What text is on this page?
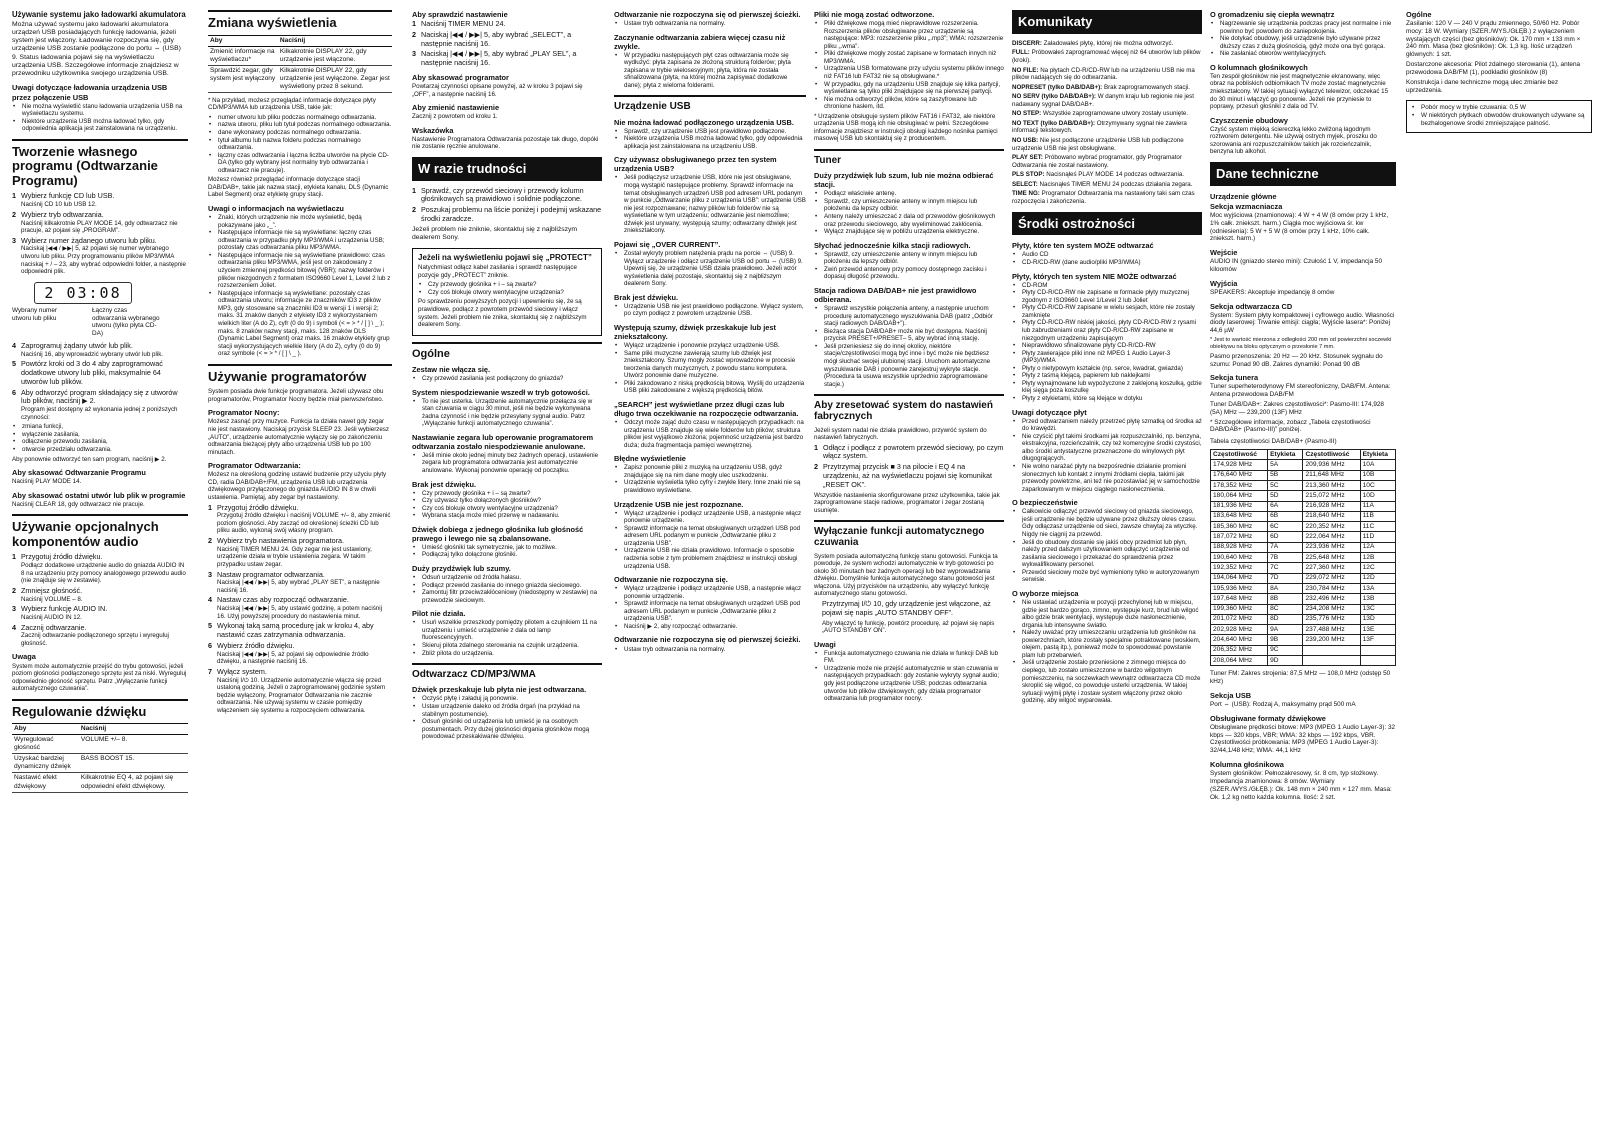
Używanie systemu jako ładowarki akumulatora

Można używać systemu jako ładowarki akumulatora urządzeń USB posiadających funkcję ładowania, jeżeli system jest włączony. Ładowanie rozpoczyna się, gdy urządzenie USB zostanie podłączone do portu ⇔ (USB) 9. Status ładowania pojawi się na wyświetlaczu urządzenia USB. Szczegółowe informacje znajdziesz w przewodniku użytkownika swojego urządzenia USB.

Uwagi dotyczące ładowania urządzenia USB przez połączenie USB
• Nie można wyświetlić stanu ładowania urządzenia USB na wyświetlaczu systemu.
• Niektóre urządzenia USB można ładować tylko, gdy odpowiednia aplikacja jest zainstalowana na urządzeniu.
Tworzenie własnego programu (Odtwarzanie Programu)
1 Wybierz funkcję CD lub USB.
Naciśnij CD 10 lub USB 12.
2 Wybierz tryb odtwarzania.
Naciśnij kilkakrotnie PLAY MODE 14, gdy odtwarzacz nie pracuje, aż pojawi się „PROGRAM”.
3 Wybierz numer żądanego utworu lub pliku.
Naciskaj |◀◀ / ▶▶| 5, aż pojawi się numer wybranego utworu lub pliku. Przy programowaniu plików MP3/WMA naciskaj + / – 23, aby wybrać odpowiedni folder, a następnie odpowiedni plik.
2 03:08
Wybrany numer utworu lub pliku
Łączny czas odtwarzania wybranego utworu (tylko płyta CD-DA)
4 Zaprogramuj żądany utwór lub plik.
Naciśnij 16, aby wprowadzić wybrany utwór lub plik.
5 Powtórz kroki od 3 do 4 aby zaprogramować dodatkowe utwory lub pliki, maksymalnie 64 utworów lub plików.
6 Aby odtworzyć program składający się z utworów lub plików, naciśnij ▶ 2.
Program jest dostępny aż wykonania jednej z poniższych czynności:
• zmiana funkcji,
• wyłączenie zasilania,
• odłączenie przewodu zasilania,
• otwarcie przedziału odtwarzania.

Aby ponownie odtworzyć ten sam program, naciśnij ▶ 2.

Aby skasować Odtwarzanie Programu

Naciśnij PLAY MODE 14.

Aby skasować ostatni utwór lub plik w programie

Naciśnij CLEAR 18, gdy odtwarzacz nie pracuje.

Używanie opcjonalnych komponentów audio
1 Przygotuj źródło dźwięku.
Podłącz dodatkowe urządzenie audio do gniazda AUDIO IN 8 na urządzeniu przy pomocy analogowego przewodu audio (nie znajduje się w zestawie).
2 Zmniejsz głośność.
Naciśnij VOLUME – 8.
3 Wybierz funkcję AUDIO IN.
Naciśnij AUDIO IN 12.
4 Zacznij odtwarzanie.
Zacznij odtwarzanie podłączonego sprzętu i wyreguluj głośność.
Uwaga

System może automatycznie przejść do trybu gotowości, jeżeli poziom głośności podłączonego sprzętu jest za niski. Wyreguluj odpowiednio głośność sprzętu. Patrz „Wyłączanie funkcji automatycznego czuwania”.

Regulowanie dźwięku
Aby	Naciśnij
Wyregulować głośność	VOLUME +/– 8.
Uzyskać bardziej dynamiczny dźwięk	BASS BOOST 15.
Nastawić efekt dźwiękowy	Kilkakrotnie EQ 4, aż pojawi się odpowiedni efekt dźwiękowy.
Zmiana wyświetlenia
Aby	Naciśnij
Zmienić informacje na wyświetlaczu*	Kilkakrotnie DISPLAY 22, gdy urządzenie jest włączone.
Sprawdzić zegar, gdy system jest wyłączony	Kilkakrotnie DISPLAY 22, gdy urządzenie jest wyłączone. Zegar jest wyświetlony przez 8 sekund.

* Na przykład, możesz przeglądać informacje dotyczące płyty CD/MP3/WMA lub urządzenia USB, takie jak:

• numer utworu lub pliku podczas normalnego odtwarzania.
• nazwa utworu, pliku lub tytuł podczas normalnego odtwarzania.
• dane wykonawcy podczas normalnego odtwarzania.
• tytuł albumu lub nazwa folderu podczas normalnego odtwarzania.
• łączny czas odtwarzania i łączna liczba utworów na płycie CD-DA (tylko gdy wybrany jest normalny tryb odtwarzania i odtwarzacz nie pracuje).

Możesz również przeglądać informacje dotyczące stacji DAB/DAB+, takie jak nazwa stacji, etykieta kanału, DLS (Dynamic Label Segment) oraz etykietę grupy stacji.

Uwagi o informacjach na wyświetlaczu
• Znaki, których urządzenie nie może wyświetlić, będą pokazywane jako „_”.
• Następujące informacje nie są wyświetlane: łączny czas odtwarzania w przypadku płyty MP3/WMA i urządzenia USB; pozostały czas odtwarzania pliku MP3/WMA.
• Następujące informacje nie są wyświetlane prawidłowo: czas odtwarzania pliku MP3/WMA, jeśli jest on zakodowany z użyciem zmiennej prędkości bitowej (VBR); nazwy folderów i plików niezgodnych z formatem ISO9660 Level 1, Level 2 lub z rozszerzeniem Joliet.
• Następujące informacje są wyświetlane: pozostały czas odtwarzania utworu; informacje ze znaczników ID3 z plików MP3, gdy stosowane są znaczniki ID3 w wersji 1 i wersji 2; maks. 31 znaków danych z etykiety ID3 z wykorzystaniem wielkich liter (A do Z), cyfr (0 do 9) i symboli (< = > * / [ ] \ _ ); maks. 8 znaków nazwy stacji, maks. 128 znaków DLS (Dynamic Label Segment) oraz maks. 16 znaków etykiety grup stacji wykorzystujących wielkie litery (A do Z), cyfry (0 do 9) oraz symbole (< = > * / [ ] \ _ ).
Używanie programatorów

System posiada dwie funkcje programatora. Jeżeli używasz obu programatorów, Programator Nocny będzie miał pierwszeństwo.

Programator Nocny:

Możesz zasnąć przy muzyce. Funkcja ta działa nawet gdy zegar nie jest nastawiony. Naciskaj przycisk SLEEP 23. Jeśli wybierzesz „AUTO”, urządzenie automatycznie wyłączy się po zakończeniu odtwarzania bieżącej płyty albo urządzenia USB lub po 100 minutach.

Programator Odtwarzania:

Możesz na określoną godzinę ustawić budzenie przy użyciu płyty CD, radia DAB/DAB+/FM, urządzenia USB lub urządzenia dźwiękowego przyłączonego do gniazda AUDIO IN 8 w chwili ustawienia. Pamiętaj, aby zegar był nastawiony.

1 Przygotuj źródło dźwięku.
Przygotuj źródło dźwięku i naciśnij VOLUME +/– 8, aby zmienić poziom głośności. Aby zacząć od określonej ścieżki CD lub pliku audio, wykonaj swój własny program.
2 Wybierz tryb nastawienia programatora.
Naciśnij TIMER MENU 24. Gdy zegar nie jest ustawiony, urządzenie działa w trybie ustawienia zegara. W takim przypadku ustaw zegar.
3 Nastaw programator odtwarzania.
Naciskaj |◀◀ / ▶▶| 5, aby wybrać „PLAY SET”, a następnie naciśnij 16.
4 Nastaw czas aby rozpocząć odtwarzanie.
Naciskaj |◀◀ / ▶▶| 5, aby ustawić godzinę, a potem naciśnij 16. Użyj powyższej procedury do nastawienia minut.
5 Wykonaj taką samą procedurę jak w kroku 4, aby nastawić czas zatrzymania odtwarzania.
6 Wybierz źródło dźwięku.
Naciskaj |◀◀ / ▶▶| 5, aż pojawi się odpowiednie źródło dźwięku, a następnie naciśnij 16.
7 Wyłącz system.
Naciśnij I/⏻ 10. Urządzenie automatycznie włącza się przed ustaloną godziną. Jeżeli o zaprogramowanej godzinie system będzie wyłączony, Programator Odtwarzania nie zacznie odtwarzania. Nie używaj systemu w czasie pomiędzy włączeniem się systemu a rozpoczęciem odtwarzania.
Aby sprawdzić nastawienie
1 Naciśnij TIMER MENU 24.
2 Naciskaj |◀◀ / ▶▶| 5, aby wybrać „SELECT”, a następnie naciśnij 16.
3 Naciskaj |◀◀ / ▶▶| 5, aby wybrać „PLAY SEL”, a następnie naciśnij 16.
Aby skasować programator

Powtarzaj czynności opisane powyżej, aż w kroku 3 pojawi się „OFF”, a następnie naciśnij 16.

Aby zmienić nastawienie

Zacznij z powrotem od kroku 1.

Wskazówka

Nastawienie Programatora Odtwarzania pozostaje tak długo, dopóki nie zostanie ręcznie anulowane.

W razie trudności
1 Sprawdź, czy przewód sieciowy i przewody kolumn głośnikowych są prawidłowo i solidnie podłączone.
2 Poszukaj problemu na liście poniżej i podejmij wskazane środki zaradcze.

Jeżeli problem nie zniknie, skontaktuj się z najbliższym dealerem Sony.

Jeżeli na wyświetleniu pojawi się „PROTECT”

Natychmiast odłącz kabel zasilania i sprawdź następujące pozycje gdy „PROTECT” zniknie.

• Czy przewody głośnika + i – są zwarte?
• Czy coś blokuje otwory wentylacyjne urządzenia?

Po sprawdzeniu powyższych pozycji i upewnieniu się, że są prawidłowe, podłącz z powrotem przewód sieciowy i włącz system. Jeżeli problem nie znika, skontaktuj się z najbliższym dealerem Sony.

Ogólne
Zestaw nie włącza się.
• Czy przewód zasilania jest podłączony do gniazda?
System niespodziewanie wszedł w tryb gotowości.
• To nie jest usterka. Urządzenie automatycznie przełącza się w stan czuwania w ciągu 30 minut, jeśli nie będzie wykonywana żadna czynność i nie będzie przesyłany sygnał audio. Patrz „Wyłączanie funkcji automatycznego czuwania”.
Nastawianie zegara lub operowanie programatorem odtwarzania zostało niespodziewanie anulowane.
• Jeśli minie około jednej minuty bez żadnych operacji, ustawienie zegara lub programatora odtwarzania jest automatycznie anulowane. Wykonaj ponownie operację od początku.
Brak jest dźwięku.
• Czy przewody głośnika + i – są zwarte?
• Czy używasz tylko dołączonych głośników?
• Czy coś blokuje otwory wentylacyjne urządzenia?
• Wybrana stacja może mieć przerwę w nadawaniu.
Dźwięk dobiega z jednego głośnika lub głośność prawego i lewego nie są zbalansowane.
• Umieść głośniki tak symetrycznie, jak to możliwe.
• Podłączaj tylko dołączone głośniki.
Duży przydźwięk lub szumy.
• Odsuń urządzenie od źródła hałasu.
• Podłącz przewód zasilania do innego gniazda sieciowego.
• Zamontuj filtr przeciwzakłóceniowy (niedostępny w zestawie) na przewodzie sieciowym.
Pilot nie działa.
• Usuń wszelkie przeszkody pomiędzy pilotem a czujnikiem 11 na urządzeniu i umieść urządzenie z dala od lamp fluorescencyjnych.
• Skieruj pilota zdalnego sterowania na czujnik urządzenia.
• Zbliż pilota do urządzenia.
Odtwarzacz CD/MP3/WMA
Dźwięk przeskakuje lub płyta nie jest odtwarzana.
• Oczyść płytę i załaduj ją ponownie.
• Ustaw urządzenie daleko od źródła drgań (na przykład na stabilnym postumencie).
• Odsuń głośniki od urządzenia lub umieść je na osobnych postumentach. Przy dużej głośności drgania głośników mogą powodować przeskakiwanie dźwięku.
Odtwarzanie nie rozpoczyna się od pierwszej ścieżki.
• Ustaw tryb odtwarzania na normalny.
Zaczynanie odtwarzania zabiera więcej czasu niż zwykle.
• W przypadku następujących płyt czas odtwarzania może się wydłużyć: płyta zapisana ze złożoną strukturą folderów; płyta zapisana w trybie wielosesyjnym; płyta, która nie została sfinalizowana (płyta, na której można zapisywać dodatkowe dane); płyta z wieloma folderami.
Urządzenie USB
Nie można ładować podłączonego urządzenia USB.
• Sprawdź, czy urządzenie USB jest prawidłowo podłączone.
• Niektóre urządzenia USB można ładować tylko, gdy odpowiednia aplikacja jest zainstalowana na urządzeniu USB.
Czy używasz obsługiwanego przez ten system urządzenia USB?
• Jeśli podłączysz urządzenie USB, które nie jest obsługiwane, mogą wystąpić następujące problemy. Sprawdź informacje na temat obsługiwanych urządzeń USB pod adresem URL podanym w punkcie „Odtwarzanie pliku z urządzenia USB”: urządzenie USB nie jest rozpoznawane; nazwy plików lub folderów nie są wyświetlane w tym urządzeniu; odtwarzanie jest niemożliwe; dźwięk jest urywany; występują szumy; odtwarzany dźwięk jest zniekształcony.
Pojawi się „OVER CURRENT”.
• Został wykryty problem natężenia prądu na porcie ⇔ (USB) 9. Wyłącz urządzenie i odłącz urządzenie USB od portu ⇔ (USB) 9. Upewnij się, że urządzenie USB działa prawidłowo. Jeżeli wzór wyświetlenia dalej pozostaje, skontaktuj się z najbliższym dealerem Sony.
Brak jest dźwięku.
• Urządzenie USB nie jest prawidłowo podłączone. Wyłącz system, po czym podłącz z powrotem urządzenie USB.
Występują szumy, dźwięk przeskakuje lub jest zniekształcony.
• Wyłącz urządzenie i ponownie przyłącz urządzenie USB.
• Same pliki muzyczne zawierają szumy lub dźwięk jest zniekształcony. Szumy mogły zostać wprowadzone w procesie tworzenia danych muzycznych, z powodu stanu komputera. Utwórz ponownie dane muzyczne.
• Pliki zakodowano z niską prędkością bitową. Wyślij do urządzenia USB pliki zakodowane z większą prędkością bitów.
„SEARCH” jest wyświetlane przez długi czas lub długo trwa oczekiwanie na rozpoczęcie odtwarzania.
• Odczyt może zająć dużo czasu w następujących przypadkach: na urządzeniu USB znajduje się wiele folderów lub plików; struktura plików jest wyjątkowo złożona; pojemność urządzenia jest bardzo duża; duża fragmentacja pamięci wewnętrznej.
Błędne wyświetlenie
• Zapisz ponownie pliki z muzyką na urządzeniu USB, gdyż znajdujące się na nim dane mogły ulec uszkodzeniu.
• Urządzenie wyświetla tylko cyfry i zwykłe litery. Inne znaki nie są prawidłowo wyświetlane.
Urządzenie USB nie jest rozpoznane.
• Wyłącz urządzenie i podłącz urządzenie USB, a następnie włącz ponownie urządzenie.
• Sprawdź informacje na temat obsługiwanych urządzeń USB pod adresem URL podanym w punkcie „Odtwarzanie pliku z urządzenia USB”.
• Urządzenie USB nie działa prawidłowo. Informacje o sposobie radzenia sobie z tym problemem znajdziesz w instrukcji obsługi urządzenia USB.
Odtwarzanie nie rozpoczyna się.
• Wyłącz urządzenie i podłącz urządzenie USB, a następnie włącz ponownie urządzenie.
• Sprawdź informacje na temat obsługiwanych urządzeń USB pod adresem URL podanym w punkcie „Odtwarzanie pliku z urządzenia USB”.
• Naciśnij ▶ 2, aby rozpocząć odtwarzanie.
Odtwarzanie nie rozpoczyna się od pierwszej ścieżki.
• Ustaw tryb odtwarzania na normalny.
Pliki nie mogą zostać odtworzone.
• Pliki dźwiękowe mogą mieć nieprawidłowe rozszerzenia. Rozszerzenia plików obsługiwane przez urządzenie są następujące: MP3: rozszerzenie pliku „.mp3”; WMA: rozszerzenie pliku „.wma”.
• Pliki dźwiękowe mogły zostać zapisane w formatach innych niż MP3/WMA.
• Urządzenia USB formatowane przy użyciu systemu plików innego niż FAT16 lub FAT32 nie są obsługiwane.*
• W przypadku, gdy na urządzeniu USB znajduje się kilka partycji, wyświetlane są tylko pliki znajdujące się na pierwszej partycji.
• Nie można odtworzyć plików, które są zaszyfrowane lub chronione hasłem, itd.

* Urządzenie obsługuje system plików FAT16 i FAT32, ale niektóre urządzenia USB mogą ich nie obsługiwać w pełni. Szczegółowe informacje znajdziesz w instrukcji obsługi każdego nośnika pamięci masowej USB lub skontaktuj się z producentem.

Tuner
Duży przydźwięk lub szum, lub nie można odbierać stacji.
• Podłącz właściwie antenę.
• Sprawdź, czy umieszczenie anteny w innym miejscu lub położeniu da lepszy odbiór.
• Anteny należy umieszczać z dala od przewodów głośnikowych oraz przewodu sieciowego, aby wyeliminować zakłócenia.
• Wyłącz znajdujące się w pobliżu urządzenia elektryczne.
Słychać jednocześnie kilka stacji radiowych.
• Sprawdź, czy umieszczenie anteny w innym miejscu lub położeniu da lepszy odbiór.
• Zwiń przewód antenowy przy pomocy dostępnego zacisku i dopasuj długość przewodu.
Stacja radiowa DAB/DAB+ nie jest prawidłowo odbierana.
• Sprawdź wszystkie połączenia anteny, a następnie uruchom procedurę automatycznego wyszukiwania DAB (patrz „Odbiór stacji radiowych DAB/DAB+”).
• Bieżąca stacja DAB/DAB+ może nie być dostępna. Naciśnij przycisk PRESET+/PRESET– 5, aby wybrać inną stację.
• Jeśli przeniesiesz się do innej okolicy, niektóre stacje/częstotliwości mogą być inne i być może nie będziesz mógł słuchać swojej ulubionej stacji. Uruchom automatyczne wyszukiwanie DAB i ponownie zarejestruj wykryte stacje. (Procedura ta usuwa wszystkie uprzednio zaprogramowane stacje.)
Aby zresetować system do nastawień fabrycznych

Jeżeli system nadal nie działa prawidłowo, przywróć system do nastawień fabrycznych.

1 Odłącz i podłącz z powrotem przewód sieciowy, po czym włącz system.
2 Przytrzymaj przycisk ■ 3 na pilocie i EQ 4 na urządzeniu, aż na wyświetlaczu pojawi się komunikat „RESET OK”.

Wszystkie nastawienia skonfigurowane przez użytkownika, takie jak zaprogramowane stacje radiowe, programator i zegar zostaną usunięte.

Wyłączanie funkcji automatycznego czuwania

System posiada automatyczną funkcję stanu gotowości. Funkcja ta powoduje, że system wchodzi automatycznie w tryb gotowości po około 30 minutach bez żadnych operacji lub bez wyprowadzania dźwięku. Domyślnie funkcja automatycznego stanu gotowości jest włączona. Użyj przycisków na urządzeniu, aby wyłączyć funkcję automatycznego stanu gotowości.

Przytrzymaj I/⏻ 10, gdy urządzenie jest włączone, aż pojawi się napis „AUTO STANDBY OFF”.

Aby włączyć tę funkcję, powtórz procedurę, aż pojawi się napis „AUTO STANDBY ON”.

Uwagi
• Funkcja automatycznego czuwania nie działa w funkcji DAB lub FM.
• Urządzenie może nie przejść automatycznie w stan czuwania w następujących przypadkach: gdy zostanie wykryty sygnał audio; gdy jest podłączone urządzenie USB; podczas odtwarzania utworów lub plików dźwiękowych; gdy działa programator odtwarzania lub programator nocny.
Komunikaty

DISCERR: Załadowałeś płytę, której nie można odtworzyć.

FULL: Próbowałeś zaprogramować więcej niż 64 utworów lub plików (kroki).

NO FILE: Na płytach CD-R/CD-RW lub na urządzeniu USB nie ma plików nadających się do odtwarzania.

NOPRESET (tylko DAB/DAB+): Brak zaprogramowanych stacji.

NO SERV (tylko DAB/DAB+): W danym kraju lub regionie nie jest nadawany sygnał DAB/DAB+.

NO STEP: Wszystkie zaprogramowane utwory zostały usunięte.

NO TEXT (tylko DAB/DAB+): Otrzymywany sygnał nie zawiera informacji tekstowych.

NO USB: Nie jest podłączone urządzenie USB lub podłączone urządzenie USB nie jest obsługiwane.

PLAY SET: Próbowano wybrać programator, gdy Programator Odtwarzania nie został nastawiony.

PLS STOP: Nacisnąłeś PLAY MODE 14 podczas odtwarzania.

SELECT: Nacisnąłeś TIMER MENU 24 podczas działania zegara.

TIME NG: Programator Odtwarzania ma nastawiony taki sam czas rozpoczęcia i zakończenia.

Środki ostrożności
Płyty, które ten system MOŻE odtwarzać
• Audio CD
• CD-R/CD-RW (dane audio/pliki MP3/WMA)
Płyty, których ten system NIE MOŻE odtwarzać
• CD-ROM
• Płyty CD-R/CD-RW nie zapisane w formacie płyty muzycznej zgodnym z ISO9660 Level 1/Level 2 lub Joliet
• Płyty CD-R/CD-RW zapisane w wielu sesjach, które nie zostały zamknięte
• Płyty CD-R/CD-RW niskiej jakości, płyty CD-R/CD-RW z rysami lub zabrudzeniami oraz płyty CD-R/CD-RW zapisane w niezgodnym urządzeniu zapisującym
• Nieprawidłowo sfinalizowane płyty CD-R/CD-RW
• Płyty zawierające pliki inne niż MPEG 1 Audio Layer-3 (MP3)/WMA
• Płyty o nietypowym kształcie (np. serce, kwadrat, gwiazda)
• Płyty z taśmą klejącą, papierem lub naklejkami
• Płyty wynajmowane lub wypożyczone z zaklejoną koszulką, gdzie klej sięga poza koszulkę
• Płyty z etykietami, które są klejące w dotyku
Uwagi dotyczące płyt
• Przed odtwarzaniem należy przetrzeć płytę szmatką od środka aż do krawędzi.
• Nie czyścić płyt takimi środkami jak rozpuszczalniki, np. benzyna, ekstrakcyjna, rozcieńczalnik, czy też komercyjne środki czystości, albo środki antystatyczne przeznaczone do winylowych płyt długogrających.
• Nie wolno narażać płyty na bezpośrednie działanie promieni słonecznych lub kontakt z innymi źródłami ciepła, takimi jak przewody powietrzne, ani też nie pozostawiać jej w samochodzie zaparkowanym w miejscu ciągłego nasłonecznienia.
O bezpieczeństwie
• Całkowicie odłączyć przewód sieciowy od gniazda sieciowego, jeśli urządzenie nie będzie używane przez dłuższy okres czasu. Gdy odłączasz urządzenie od sieci, zawsze chwytaj za wtyczkę. Nigdy nie ciągnij za przewód.
• Jeśli do obudowy dostanie się jakiś obcy przedmiot lub płyn, należy przed dalszym użytkowaniem odłączyć urządzenie od zasilania sieciowego i przekazać do sprawdzenia przez wykwalifikowany personel.
• Przewód sieciowy może być wymieniony tylko w autoryzowanym serwisie.
O wyborze miejsca
• Nie ustawiać urządzenia w pozycji przechylonej lub w miejscu, gdzie jest bardzo gorąco, zimno, występuje kurz, brud lub wilgoć albo gdzie brak wentylacji, występuje duże nasłonecznienie, drgania lub intensywne światło.
• Należy uważać przy umieszczaniu urządzenia lub głośników na powierzchniach, które zostały specjalnie potraktowane (woskiem, olejem, pastą itp.), ponieważ może to spowodować powstanie plam lub przebarwień.
• Jeśli urządzenie zostało przeniesione z zimnego miejsca do ciepłego, lub zostało umieszczone w bardzo wilgotnym pomieszczeniu, na soczewkach wewnątrz odtwarzacza CD może skroplić się wilgoć, co powoduje usterki urządzenia. W takiej sytuacji wyjmij płytę i zostaw system włączony przez około godzinę, aby wilgoć wyparowała.
O gromadzeniu się ciepła wewnątrz
• Nagrzewanie się urządzenia podczas pracy jest normalne i nie powinno być powodem do zaniepokojenia.
• Nie dotykać obudowy, jeśli urządzenie było używane przez dłuższy czas z dużą głośnością, gdyż może ona być gorąca.
• Nie zasłaniać otworów wentylacyjnych.
O kolumnach głośnikowych

Ten zespół głośników nie jest magnetycznie ekranowany, więc obraz na pobliskich odbiornikach TV może zostać magnetycznie zniekształcony. W takiej sytuacji wyłączyć telewizor, odczekać 15 do 30 minut i włączyć go ponownie. Jeżeli nie przyniesie to poprawy, przesuń głośniki z dala od TV.

Czyszczenie obudowy

Czyść system miękką ściereczką lekko zwilżoną łagodnym roztworem detergentu. Nie używaj ostrych myjek, proszku do szorowania ani rozpuszczalników takich jak rozcieńczalnik, benzyna lub alkohol.

Dane techniczne
Urządzenie główne
Sekcja wzmacniacza

Moc wyjściowa (znamionowa): 4 W + 4 W (8 omów przy 1 kHz, 1% całk. zniekszt. harm.) Ciągła moc wyjściowa śr. kw (odniesienia): 5 W + 5 W (8 omów przy 1 kHz, 10% całk. zniekszt. harm.)

Wejście

AUDIO IN (gniazdo stereo mini): Czułość 1 V, impedancja 50 kiloomów

Wyjścia

SPEAKERS: Akceptuje impedancję 8 omów

Sekcja odtwarzacza CD

System: System płyty kompaktowej i cyfrowego audio. Własności diody laserowej: Trwanie emisji: ciągła; Wyjście lasera*: Poniżej 44,6 µW

* Jest to wartość mierzona z odległości 200 mm od powierzchni soczewki obiektywu na bloku optycznym o przesłonie 7 mm.

Pasmo przenoszenia: 20 Hz — 20 kHz. Stosunek sygnału do szumu: Ponad 90 dB. Zakres dynamiki: Ponad 90 dB

Sekcja tunera

Tuner superheterodynowy FM stereofoniczny, DAB/FM. Antena: Antena przewodowa DAB/FM

Tuner DAB/DAB+: Zakres częstotliwości*: Pasmo-III: 174,928 (5A) MHz — 239,200 (13F) MHz

* Szczegółowe informacje, zobacz „Tabela częstotliwości DAB/DAB+ (Pasmo-III)” poniżej.

Tabela częstotliwości DAB/DAB+ (Pasmo-III)

Częstotliwość	Etykieta	Częstotliwość	Etykieta
174,928 MHz	5A	209,936 MHz	10A
176,640 MHz	5B	211,648 MHz	10B
178,352 MHz	5C	213,360 MHz	10C
180,064 MHz	5D	215,072 MHz	10D
181,936 MHz	6A	216,928 MHz	11A
183,648 MHz	6B	218,640 MHz	11B
185,360 MHz	6C	220,352 MHz	11C
187,072 MHz	6D	222,064 MHz	11D
188,928 MHz	7A	223,936 MHz	12A
190,640 MHz	7B	225,648 MHz	12B
192,352 MHz	7C	227,360 MHz	12C
194,064 MHz	7D	229,072 MHz	12D
195,936 MHz	8A	230,784 MHz	13A
197,648 MHz	8B	232,496 MHz	13B
199,360 MHz	8C	234,208 MHz	13C
201,072 MHz	8D	235,776 MHz	13D
202,928 MHz	9A	237,488 MHz	13E
204,640 MHz	9B	239,200 MHz	13F
206,352 MHz	9C		
208,064 MHz	9D		

Tuner FM: Zakres strojenia: 87,5 MHz — 108,0 MHz (odstęp 50 kHz)

Sekcja USB

Port ⇔ (USB): Rodzaj A, maksymalny prąd 500 mA

Obsługiwane formaty dźwiękowe

Obsługiwane prędkości bitowe: MP3 (MPEG 1 Audio Layer-3): 32 kbps — 320 kbps, VBR; WMA: 32 kbps — 192 kbps, VBR. Częstotliwości próbkowania: MP3 (MPEG 1 Audio Layer-3): 32/44,1/48 kHz; WMA: 44,1 kHz

Kolumna głośnikowa

System głośników: Pełnozakresowy, śr. 8 cm, typ stożkowy. Impedancja znamionowa: 8 omów. Wymiary (SZER./WYS./GŁĘB.): Ok. 148 mm × 240 mm × 127 mm. Masa: Ok. 1,2 kg netto każda kolumna. Ilość: 2 szt.

Ogólne

Zasilanie: 120 V — 240 V prądu zmiennego, 50/60 Hz. Pobór mocy: 18 W. Wymiary (SZER./WYS./GŁĘB.) z wyłączeniem wystających części (bez głośników): Ok. 170 mm × 133 mm × 240 mm. Masa (bez głośników): Ok. 1,3 kg. Ilość urządzeń głównych: 1 szt.

Dostarczone akcesoria: Pilot zdalnego sterowania (1), antena przewodowa DAB/FM (1), podkładki głośników (8)

Konstrukcja i dane techniczne mogą ulec zmianie bez uprzedzenia.

• Pobór mocy w trybie czuwania: 0,5 W
• W niektórych płytkach obwodów drukowanych używane są bezhalogenowe środki zmniejszające palność.
